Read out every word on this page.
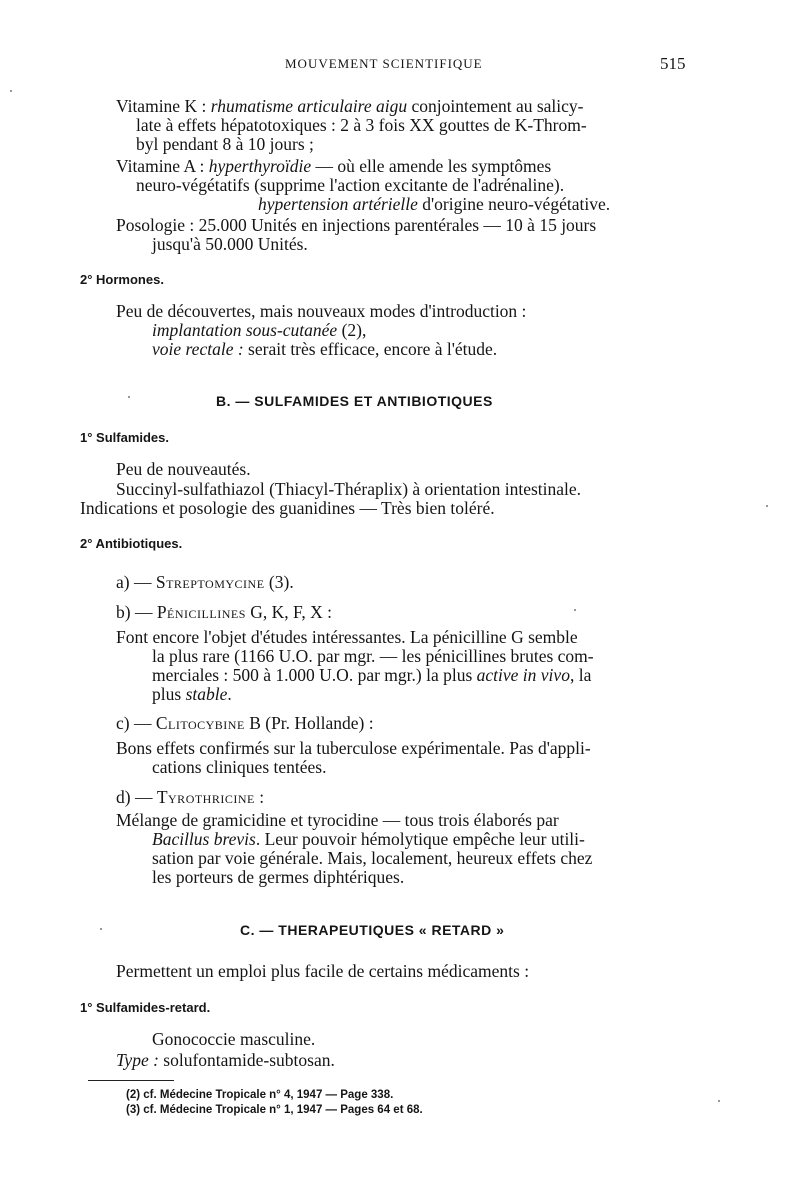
MOUVEMENT SCIENTIFIQUE	515
Vitamine K : rhumatisme articulaire aigu conjointement au salicy-
late à effets hépatotoxiques : 2 à 3 fois XX gouttes de K-Throm-
byl pendant 8 à 10 jours ;
Vitamine A : hyperthyroïdie — où elle amende les symptômes
neuro-végétatifs (supprime l'action excitante de l'adrénaline).
hypertension artérielle d'origine neuro-végétative.
Posologie : 25.000 Unités en injections parentérales — 10 à 15 jours
jusqu'à 50.000 Unités.
2° Hormones.
Peu de découvertes, mais nouveaux modes d'introduction :
implantation sous-cutanée (2),
voie rectale : serait très efficace, encore à l'étude.
B. — SULFAMIDES ET ANTIBIOTIQUES
1° Sulfamides.
Peu de nouveautés.
Succinyl-sulfathiazol (Thiacyl-Théraplix) à orientation intestinale.
Indications et posologie des guanidines — Très bien toléré.
2° Antibiotiques.
a) — Streptomycine (3).
b) — Pénicillines G, K, F, X :
Font encore l'objet d'études intéressantes. La pénicilline G semble
la plus rare (1166 U.O. par mgr. — les pénicillines brutes com-
merciales : 500 à 1.000 U.O. par mgr.) la plus active in vivo, la
plus stable.
c) — Clitocybine B (Pr. Hollande) :
Bons effets confirmés sur la tuberculose expérimentale. Pas d'appli-
cations cliniques tentées.
d) — Tyrothricine :
Mélange de gramicidine et tyrocidine — tous trois élaborés par
Bacillus brevis. Leur pouvoir hémolytique empêche leur utili-
sation par voie générale. Mais, localement, heureux effets chez
les porteurs de germes diphtériques.
C. — THERAPEUTIQUES « RETARD »
Permettent un emploi plus facile de certains médicaments :
1° Sulfamides-retard.
Gonococcie masculine.
Type : solufontamide-subtosan.
(2) cf. Médecine Tropicale n° 4, 1947 — Page 338.
(3) cf. Médecine Tropicale n° 1, 1947 — Pages 64 et 68.
